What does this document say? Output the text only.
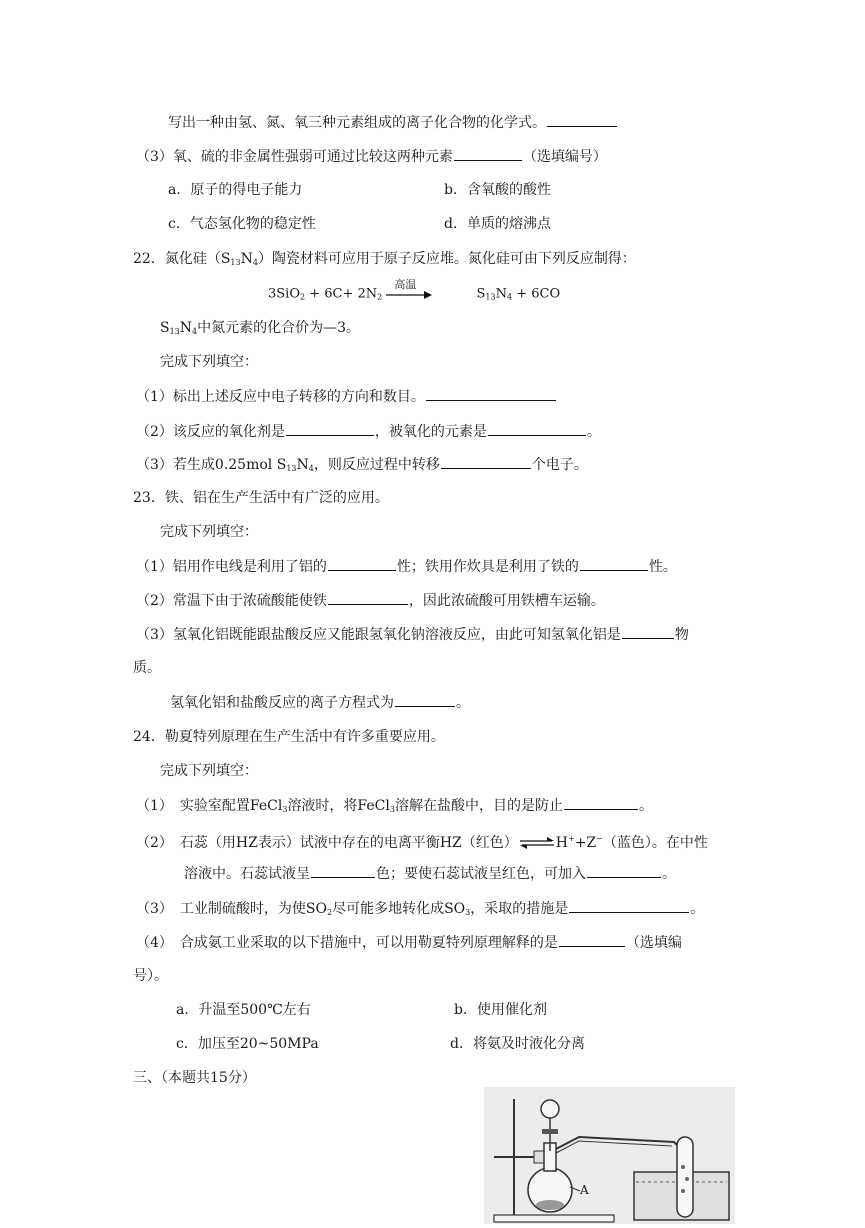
写出一种由氢、氮、氧三种元素组成的离子化合物的化学式。
（3）氧、硫的非金属性强弱可通过比较这两种元素	（选填编号）
a．原子的得电子能力	b．含氧酸的酸性
c．气态氢化物的稳定性	d．单质的熔沸点
22．氮化硅$(S_{13}N_4)$陶瓷材料可应用于原子反应堆。氮化硅可由下列反应制得：
$3SiO_2 + 6C+ 2N_2$
高温
$S_{13}N_4 + 6CO$
$S_{13}N_4$中氮元素的化合价为—3。
完成下列填空：
（1）标出上述反应中电子转移的方向和数目。
（2）该反应的氧化剂是	，被氧化的元素是	。
（3）若生成0.25mol $S_{13}N_4$，则反应过程中转移	个电子。
23．铁、铝在生产生活中有广泛的应用。
完成下列填空：
（1）铝用作电线是利用了铝的	性；铁用作炊具是利用了铁的	性。
（2）常温下由于浓硫酸能使铁	，因此浓硫酸可用铁槽车运输。
（3）氢氧化铝既能跟盐酸反应又能跟氢氧化钠溶液反应，由此可知氢氧化铝是	物
质。
氢氧化铝和盐酸反应的离子方程式为	。
24．勒夏特列原理在生产生活中有许多重要应用。
完成下列填空：
（1）　实验室配置FeCl$_3$溶液时，将FeCl$_3$溶解在盐酸中，目的是防止	。
（2）　石蕊（用HZ表示）试液中存在的电离平衡HZ（红色） ⇌ H++Z−（蓝色）。在中性
溶液中。石蕊试液呈	色；要使石蕊试液呈红色，可加入	。
（3）　工业制硫酸时，为使$SO_2$尽可能多地转化成$SO_3$，采取的措施是	。
（4）　合成氨工业采取的以下措施中，可以用勒夏特列原理解释的是	（选填编
号）。
a．升温至500℃左右	b．使用催化剂
c．加压至20~50MPa	d．将氨及时液化分离
三、（本题共15分）
A
